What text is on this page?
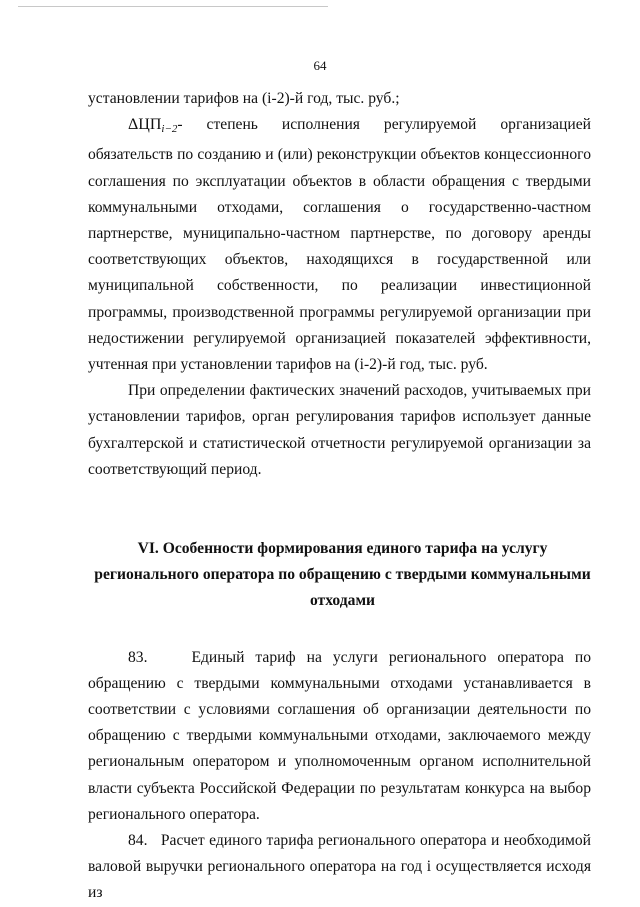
64

установлении тарифов на (i-2)-й год, тыс. руб.;

$\Delta ЦП_{i-2}-$ степень исполнения регулируемой организацией обязательств по созданию и (или) реконструкции объектов концессионного соглашения по эксплуатации объектов в области обращения с твердыми коммунальными отходами, соглашения о государственно-частном партнерстве, муниципально-частном партнерстве, по договору аренды соответствующих объектов, находящихся в государственной или муниципальной собственности, по реализации инвестиционной программы, производственной программы регулируемой организации при недостижении регулируемой организацией показателей эффективности, учтенная при установлении тарифов на (i-2)-й год, тыс. руб.

При определении фактических значений расходов, учитываемых при установлении тарифов, орган регулирования тарифов использует данные бухгалтерской и статистической отчетности регулируемой организации за соответствующий период.

VI. Особенности формирования единого тарифа на услугу
регионального оператора по обращению с твердыми коммунальными
отходами

83.	Единый тариф на услуги регионального оператора по обращению с твердыми коммунальными отходами устанавливается в соответствии с условиями соглашения об организации деятельности по обращению с твердыми коммунальными отходами, заключаемого между региональным оператором и уполномоченным органом исполнительной власти субъекта Российской Федерации по результатам конкурса на выбор регионального оператора.

84. Расчет единого тарифа регионального оператора и необходимой валовой выручки регионального оператора на год i осуществляется исходя из
